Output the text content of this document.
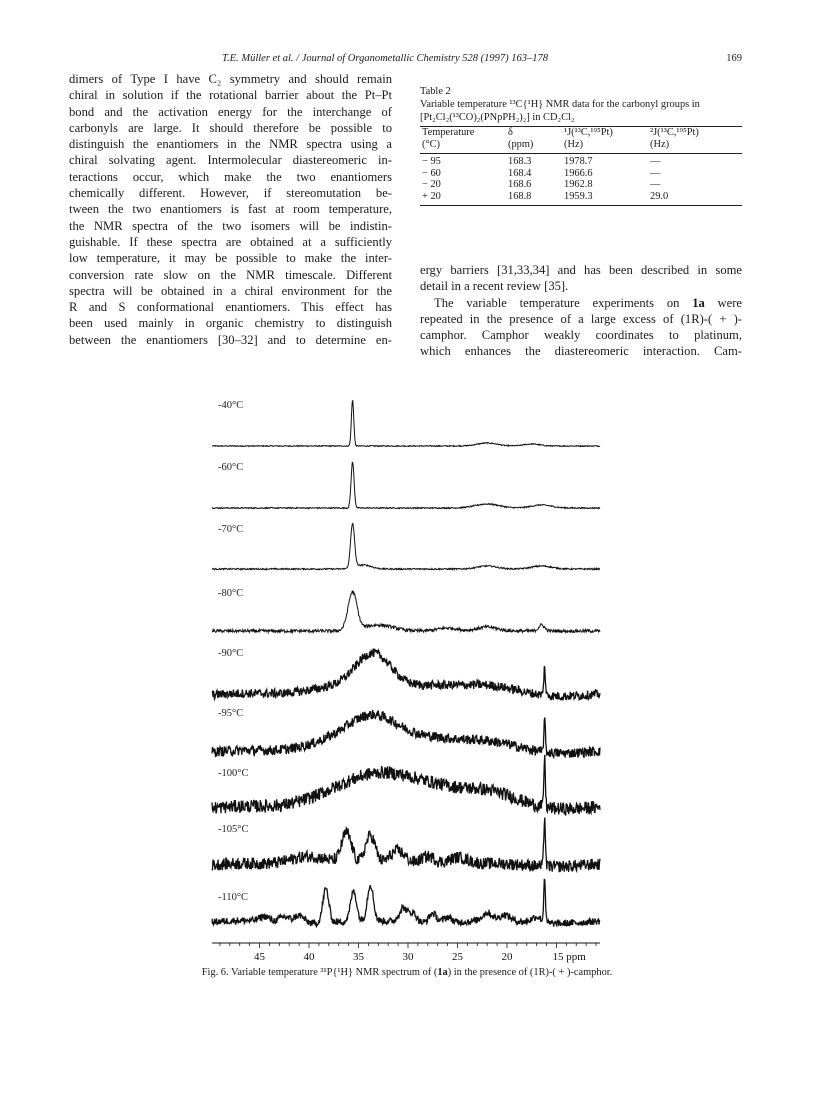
T.E. Müller et al. / Journal of Organometallic Chemistry 528 (1997) 163–178	169
dimers of Type I have C₂ symmetry and should remain
chiral in solution if the rotational barrier about the Pt–Pt
bond and the activation energy for the interchange of
carbonyls are large. It should therefore be possible to
distinguish the enantiomers in the NMR spectra using a
chiral solvating agent. Intermolecular diastereomeric in-
teractions occur, which make the two enantiomers
chemically different. However, if stereomutation be-
tween the two enantiomers is fast at room temperature,
the NMR spectra of the two isomers will be indistin-
guishable. If these spectra are obtained at a sufficiently
low temperature, it may be possible to make the inter-
conversion rate slow on the NMR timescale. Different
spectra will be obtained in a chiral environment for the
R and S conformational enantiomers. This effect has
been used mainly in organic chemistry to distinguish
between the enantiomers [30–32] and to determine en-
Table 2
Variable temperature ¹³C{¹H} NMR data for the carbonyl groups in
[Pt₂Cl₂(¹³CO)₂(PNpPH₂)₂] in CD₂Cl₂
Temperature	δ	¹J(¹³C,¹⁹⁵Pt)	²J(¹³C,¹⁹⁵Pt)
(°C)	(ppm)	(Hz)	(Hz)
− 95	168.3	1978.7	—
− 60	168.4	1966.6	—
− 20	168.6	1962.8	—
+ 20	168.8	1959.3	29.0
ergy barriers [31,33,34] and has been described in some
detail in a recent review [35].
The variable temperature experiments on 1a were
repeated in the presence of a large excess of (1R)-( + )-
camphor. Camphor weakly coordinates to platinum,
which enhances the diastereomeric interaction. Cam-
-40°C
-60°C
-70°C
-80°C
-90°C
-95°C
-100°C
-105°C
-110°C
45	40	35	30	25	20	15 ppm
Fig. 6. Variable temperature ³¹P{¹H} NMR spectrum of (1a) in the presence of (1R)-( + )-camphor.
